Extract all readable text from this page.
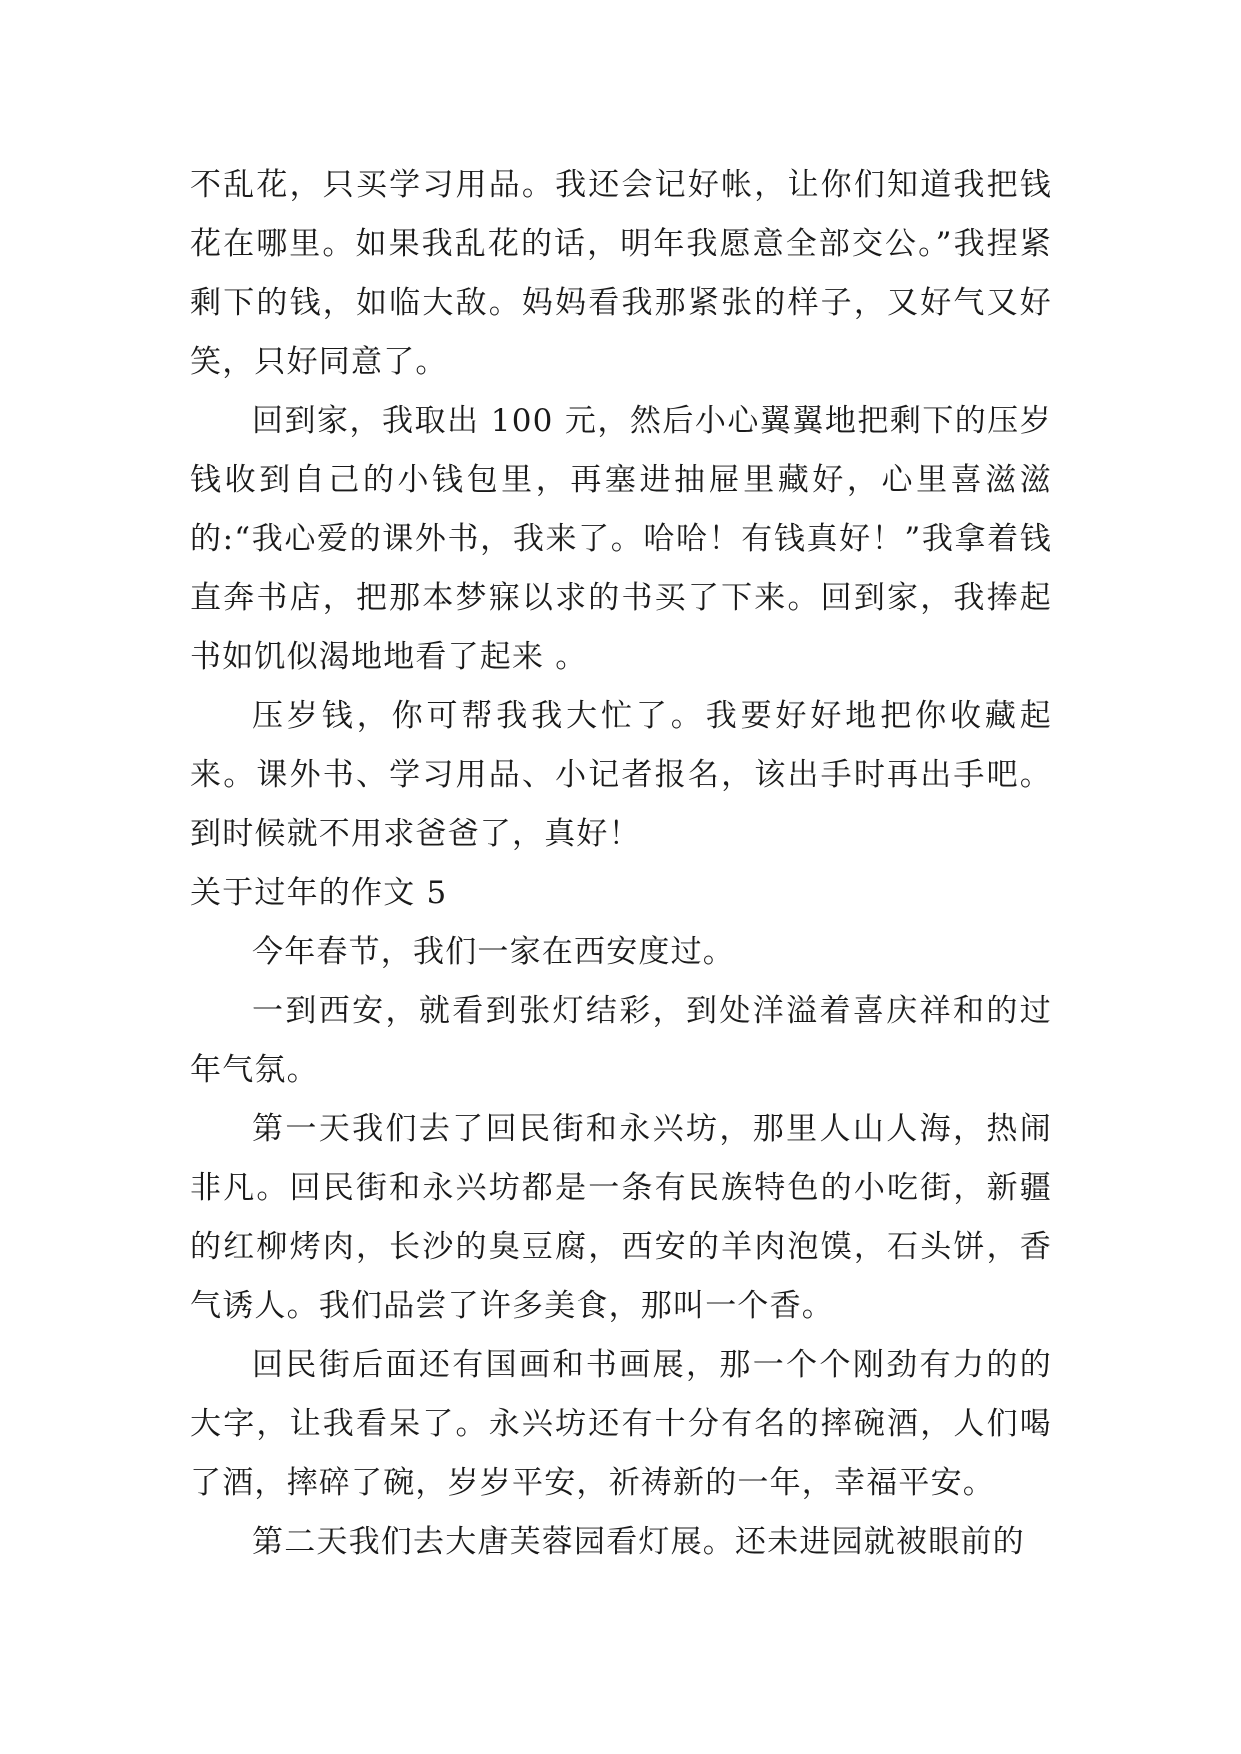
不乱花，只买学习用品。我还会记好帐，让你们知道我把钱花在哪里。如果我乱花的话，明年我愿意全部交公。”我捏紧剩下的钱，如临大敌。妈妈看我那紧张的样子，又好气又好笑，只好同意了。

回到家，我取出 100 元，然后小心翼翼地把剩下的压岁钱收到自己的小钱包里，再塞进抽屉里藏好，心里喜滋滋的:“我心爱的课外书，我来了。哈哈！有钱真好！”我拿着钱直奔书店，把那本梦寐以求的书买了下来。回到家，我捧起书如饥似渴地地看了起来 。

压岁钱，你可帮我我大忙了。我要好好地把你收藏起来。课外书、学习用品、小记者报名，该出手时再出手吧。到时候就不用求爸爸了，真好！

关于过年的作文 5

今年春节，我们一家在西安度过。

一到西安，就看到张灯结彩，到处洋溢着喜庆祥和的过年气氛。

第一天我们去了回民街和永兴坊，那里人山人海，热闹非凡。回民街和永兴坊都是一条有民族特色的小吃街，新疆的红柳烤肉，长沙的臭豆腐，西安的羊肉泡馍，石头饼，香气诱人。我们品尝了许多美食，那叫一个香。

回民街后面还有国画和书画展，那一个个刚劲有力的的大字，让我看呆了。永兴坊还有十分有名的摔碗酒，人们喝了酒，摔碎了碗，岁岁平安，祈祷新的一年，幸福平安。

第二天我们去大唐芙蓉园看灯展。还未进园就被眼前的
